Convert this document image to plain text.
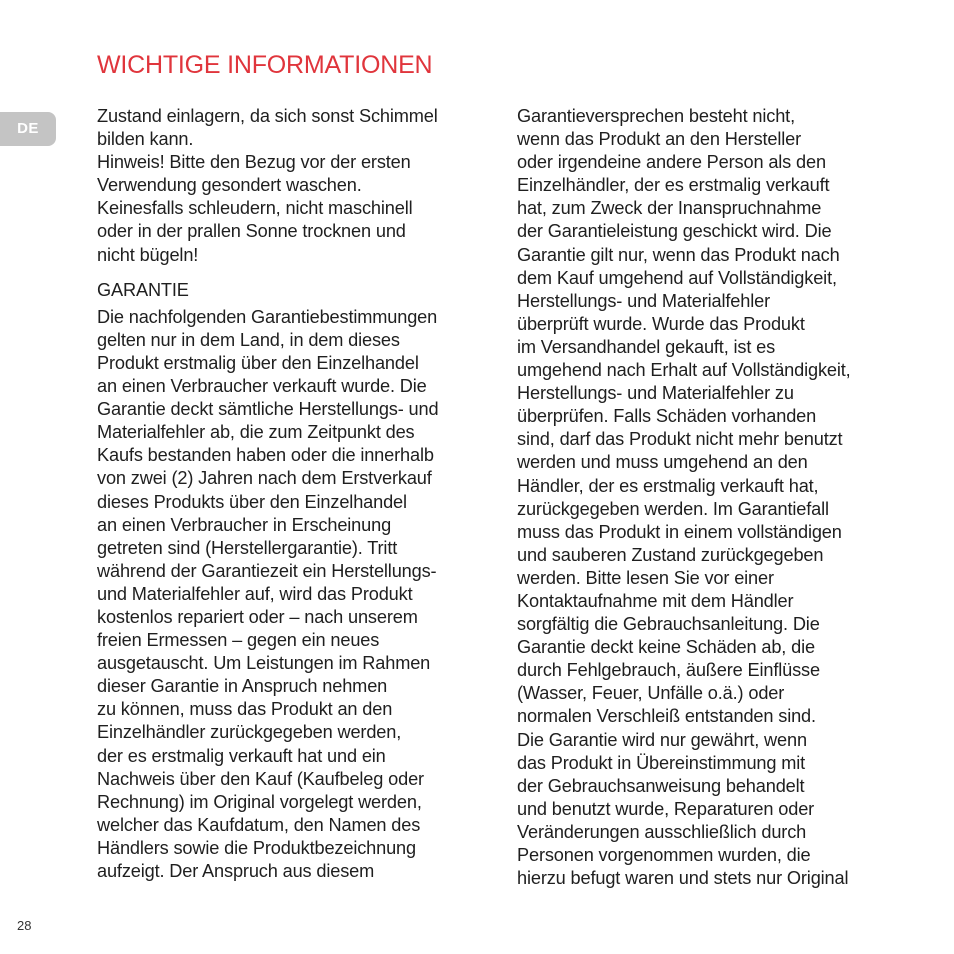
WICHTIGE INFORMATIONEN
DE
Zustand einlagern, da sich sonst Schimmel
bilden kann.
Hinweis! Bitte den Bezug vor der ersten
Verwendung gesondert waschen.
Keinesfalls schleudern, nicht maschinell
oder in der prallen Sonne trocknen und
nicht bügeln!
GARANTIE
Die nachfolgenden Garantiebestimmungen
gelten nur in dem Land, in dem dieses
Produkt erstmalig über den Einzelhandel
an einen Verbraucher verkauft wurde. Die
Garantie deckt sämtliche Herstellungs- und
Materialfehler ab, die zum Zeitpunkt des
Kaufs bestanden haben oder die innerhalb
von zwei (2) Jahren nach dem Erstverkauf
dieses Produkts über den Einzelhandel
an einen Verbraucher in Erscheinung
getreten sind (Herstellergarantie). Tritt
während der Garantiezeit ein Herstellungs-
und Materialfehler auf, wird das Produkt
kostenlos repariert oder – nach unserem
freien Ermessen – gegen ein neues
ausgetauscht. Um Leistungen im Rahmen
dieser Garantie in Anspruch nehmen
zu können, muss das Produkt an den
Einzelhändler zurückgegeben werden,
der es erstmalig verkauft hat und ein
Nachweis über den Kauf (Kaufbeleg oder
Rechnung) im Original vorgelegt werden,
welcher das Kaufdatum, den Namen des
Händlers sowie die Produktbezeichnung
aufzeigt. Der Anspruch aus diesem
Garantieversprechen besteht nicht,
wenn das Produkt an den Hersteller
oder irgendeine andere Person als den
Einzelhändler, der es erstmalig verkauft
hat, zum Zweck der Inanspruchnahme
der Garantieleistung geschickt wird. Die
Garantie gilt nur, wenn das Produkt nach
dem Kauf umgehend auf Vollständigkeit,
Herstellungs- und Materialfehler
überprüft wurde. Wurde das Produkt
im Versandhandel gekauft, ist es
umgehend nach Erhalt auf Vollständigkeit,
Herstellungs- und Materialfehler zu
überprüfen. Falls Schäden vorhanden
sind, darf das Produkt nicht mehr benutzt
werden und muss umgehend an den
Händler, der es erstmalig verkauft hat,
zurückgegeben werden. Im Garantiefall
muss das Produkt in einem vollständigen
und sauberen Zustand zurückgegeben
werden. Bitte lesen Sie vor einer
Kontaktaufnahme mit dem Händler
sorgfältig die Gebrauchsanleitung. Die
Garantie deckt keine Schäden ab, die
durch Fehlgebrauch, äußere Einflüsse
(Wasser, Feuer, Unfälle o.ä.) oder
normalen Verschleiß entstanden sind.
Die Garantie wird nur gewährt, wenn
das Produkt in Übereinstimmung mit
der Gebrauchsanweisung behandelt
und benutzt wurde, Reparaturen oder
Veränderungen ausschließlich durch
Personen vorgenommen wurden, die
hierzu befugt waren und stets nur Original
28
